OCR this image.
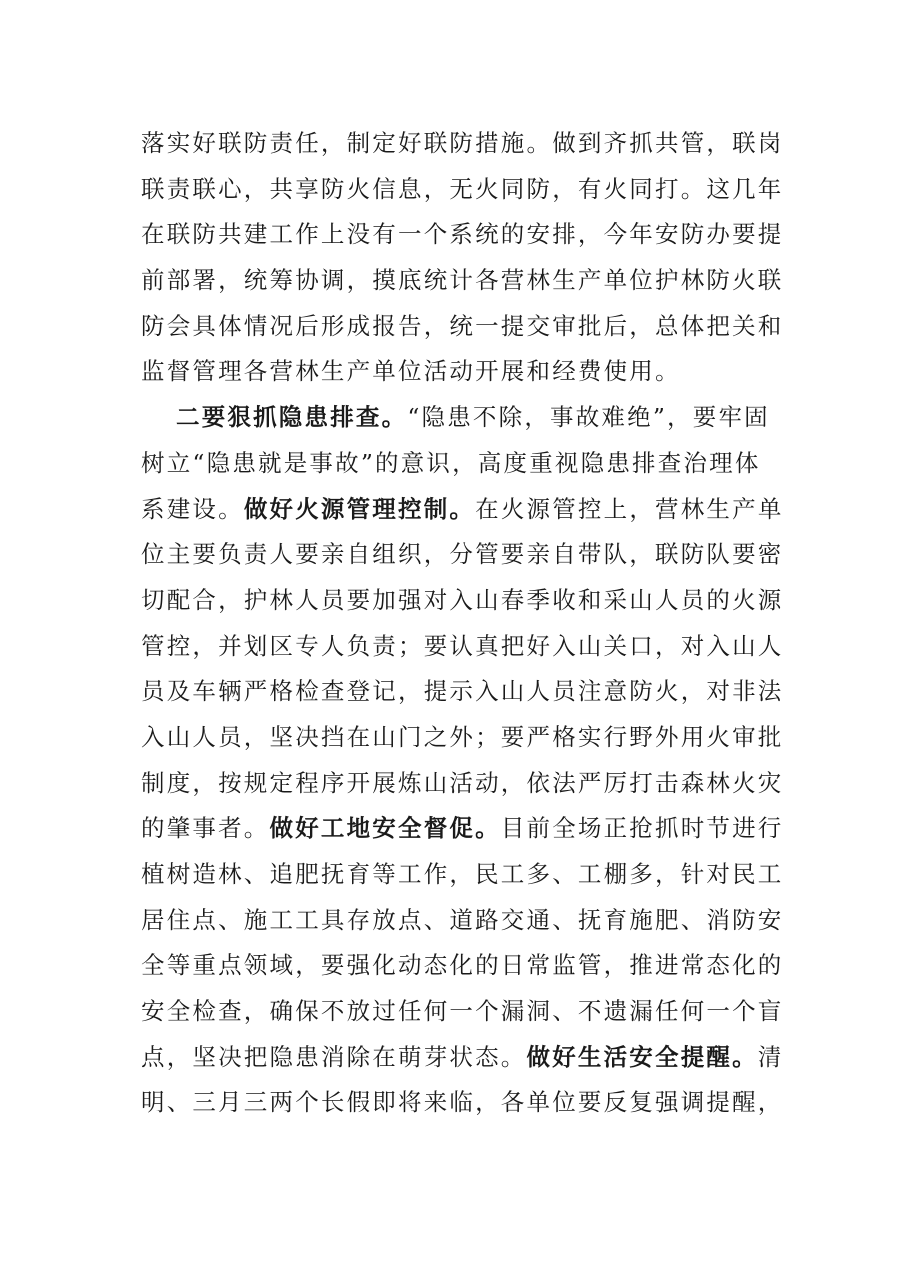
落实好联防责任，制定好联防措施。做到齐抓共管，联岗
联责联心，共享防火信息，无火同防，有火同打。这几年
在联防共建工作上没有一个系统的安排，今年安防办要提
前部署，统筹协调，摸底统计各营林生产单位护林防火联
防会具体情况后形成报告，统一提交审批后，总体把关和
监督管理各营林生产单位活动开展和经费使用。
二要狠抓隐患排查。“隐患不除，事故难绝”，要牢固
树立“隐患就是事故”的意识，高度重视隐患排查治理体
系建设。做好火源管理控制。在火源管控上，营林生产单
位主要负责人要亲自组织，分管要亲自带队，联防队要密
切配合，护林人员要加强对入山春季收和采山人员的火源
管控，并划区专人负责；要认真把好入山关口，对入山人
员及车辆严格检查登记，提示入山人员注意防火，对非法
入山人员，坚决挡在山门之外；要严格实行野外用火审批
制度，按规定程序开展炼山活动，依法严厉打击森林火灾
的肇事者。做好工地安全督促。目前全场正抢抓时节进行
植树造林、追肥抚育等工作，民工多、工棚多，针对民工
居住点、施工工具存放点、道路交通、抚育施肥、消防安
全等重点领域，要强化动态化的日常监管，推进常态化的
安全检查，确保不放过任何一个漏洞、不遗漏任何一个盲
点，坚决把隐患消除在萌芽状态。做好生活安全提醒。清
明、三月三两个长假即将来临，各单位要反复强调提醒，
